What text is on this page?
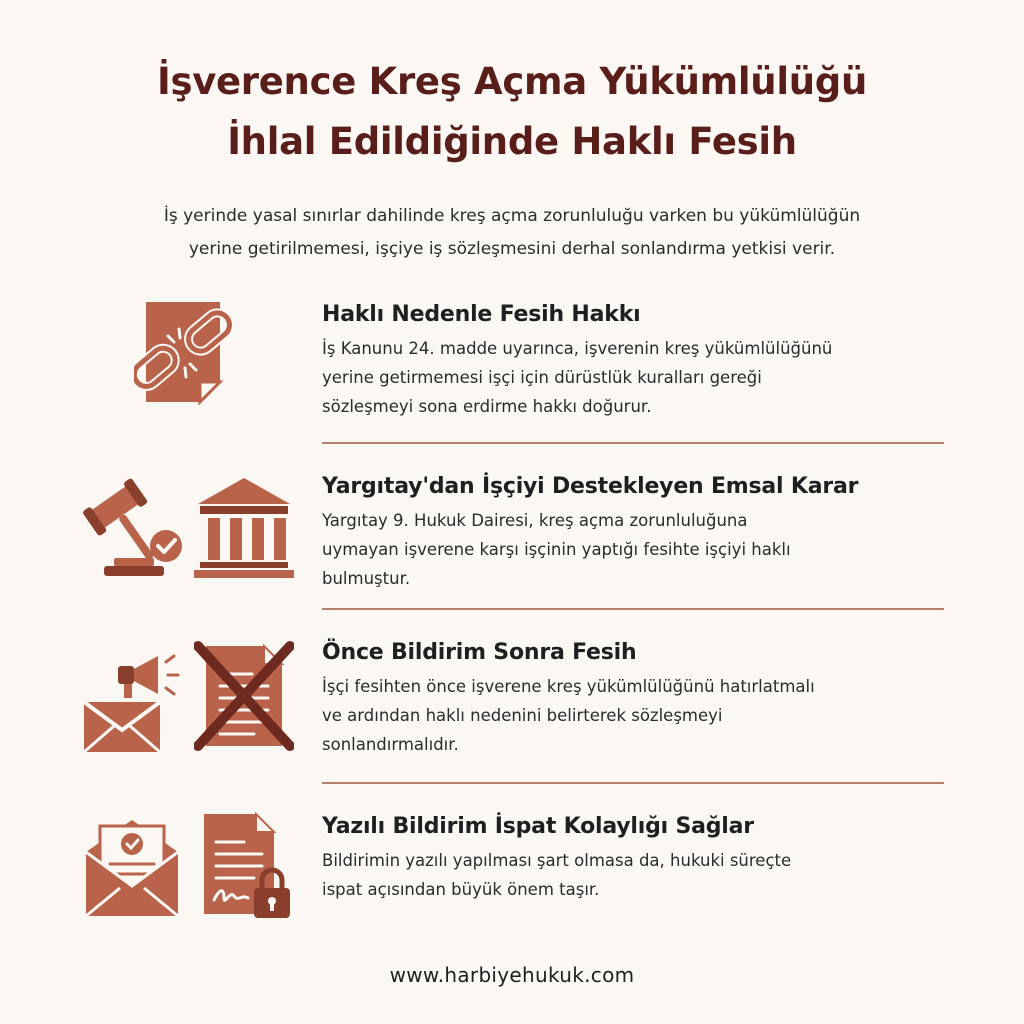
İşverence Kreş Açma Yükümlülüğü
İhlal Edildiğinde Haklı Fesih

İş yerinde yasal sınırlar dahilinde kreş açma zorunluluğu varken bu yükümlülüğün
yerine getirilmemesi, işçiye iş sözleşmesini derhal sonlandırma yetkisi verir.

Haklı Nedenle Fesih Hakkı

İş Kanunu 24. madde uyarınca, işverenin kreş yükümlülüğünü
yerine getirmemesi işçi için dürüstlük kuralları gereği
sözleşmeyi sona erdirme hakkı doğurur.

Yargıtay'dan İşçiyi Destekleyen Emsal Karar

Yargıtay 9. Hukuk Dairesi, kreş açma zorunluluğuna
uymayan işverene karşı işçinin yaptığı fesihte işçiyi haklı
bulmuştur.

Önce Bildirim Sonra Fesih

İşçi fesihten önce işverene kreş yükümlülüğünü hatırlatmalı
ve ardından haklı nedenini belirterek sözleşmeyi
sonlandırmalıdır.

Yazılı Bildirim İspat Kolaylığı Sağlar

Bildirimin yazılı yapılması şart olmasa da, hukuki süreçte
ispat açısından büyük önem taşır.

www.harbiyehukuk.com
